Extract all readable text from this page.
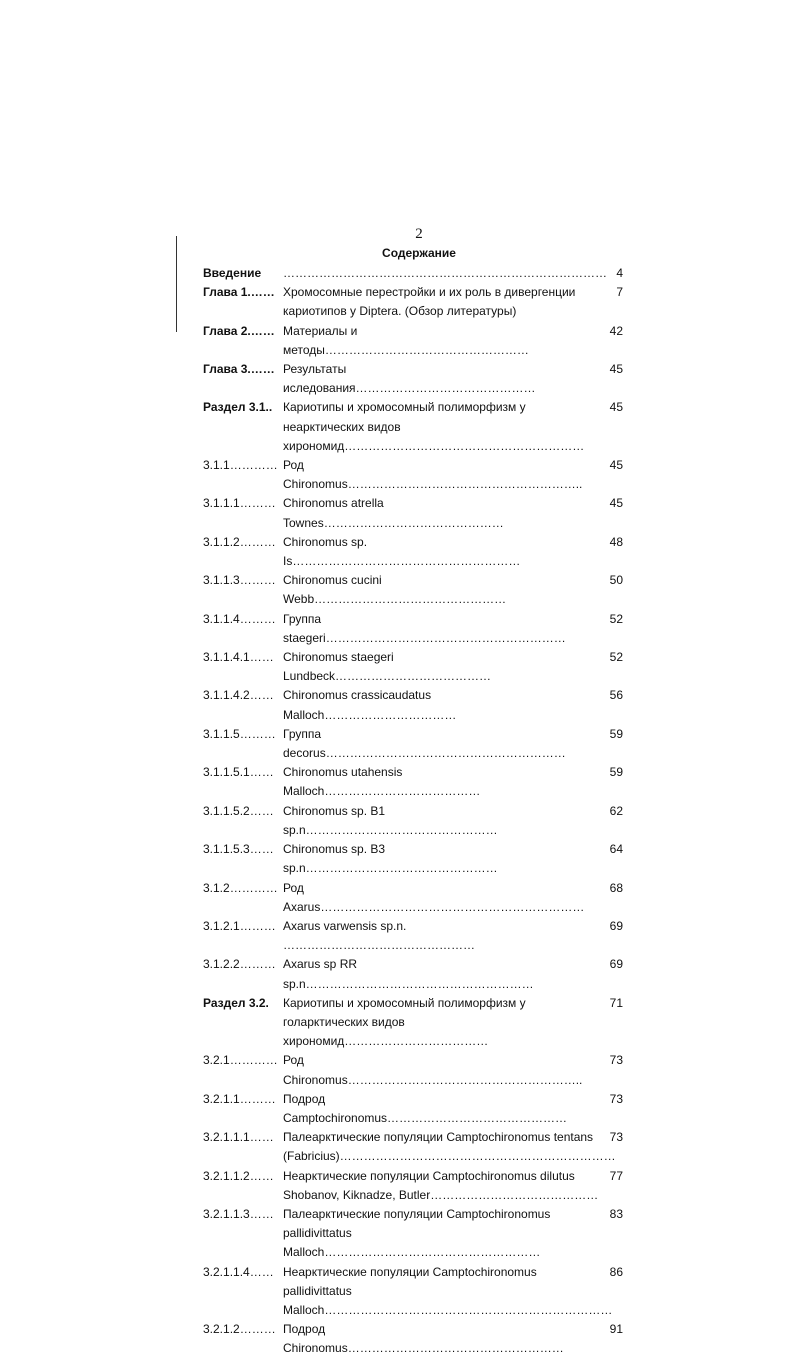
2
Содержание
Введение	………………………………………………………………………	4
Глава 1.……	Хромосомные перестройки и их роль в дивергенции кариотипов у Diptera. (Обзор литературы)	7
Глава 2.……	Материалы и методы……………………………………………	42
Глава 3.……	Результаты иследования………………………………………	45
Раздел 3.1..	Кариотипы и хромосомный полиморфизм у неарктических видов хирономид……………………………………………………	45
3.1.1…………	Род Chironomus…………………………………………………..	45
3.1.1.1………	Chironomus atrella Townes………………………………………	45
3.1.1.2………	Chironomus sp. Is…………………………………………………	48
3.1.1.3………	Chironomus cucini Webb…………………………………………	50
3.1.1.4………	Группа staegeri……………………………………………………	52
3.1.1.4.1……	Chironomus staegeri Lundbeck…………………………………	52
3.1.1.4.2……	Chironomus crassicaudatus Malloch……………………………	56
3.1.1.5………	Группа decorus……………………………………………………	59
3.1.1.5.1……	Chironomus utahensis Malloch…………………………………	59
3.1.1.5.2……	Chironomus sp. B1 sp.n…………………………………………	62
3.1.1.5.3……	Chironomus sp. B3 sp.n…………………………………………	64
3.1.2…………	Род Axarus…………………………………………………………	68
3.1.2.1………	Axarus varwensis sp.n. …………………………………………	69
3.1.2.2………	Axarus sp RR sp.n…………………………………………………	69
Раздел 3.2.	Кариотипы и хромосомный полиморфизм у голарктических видов хирономид………………………………	71
3.2.1…………	Род Chironomus…………………………………………………..	73
3.2.1.1………	Подрод Camptochironomus………………………………………	73
3.2.1.1.1……	Палеарктические популяции Camptochironomus tentans (Fabricius)……………………………………………………………	73
3.2.1.1.2……	Неарктические популяции Camptochironomus dilutus Shobanov, Kiknadze, Butler……………………………………	77
3.2.1.1.3……	Палеарктические популяции Camptochironomus pallidivittatus Malloch………………………………………………	83
3.2.1.1.4……	Неарктические популяции Camptochironomus pallidivittatus Malloch………………………………………………………………	86
3.2.1.2………	Подрод Chironomus………………………………………………	91
